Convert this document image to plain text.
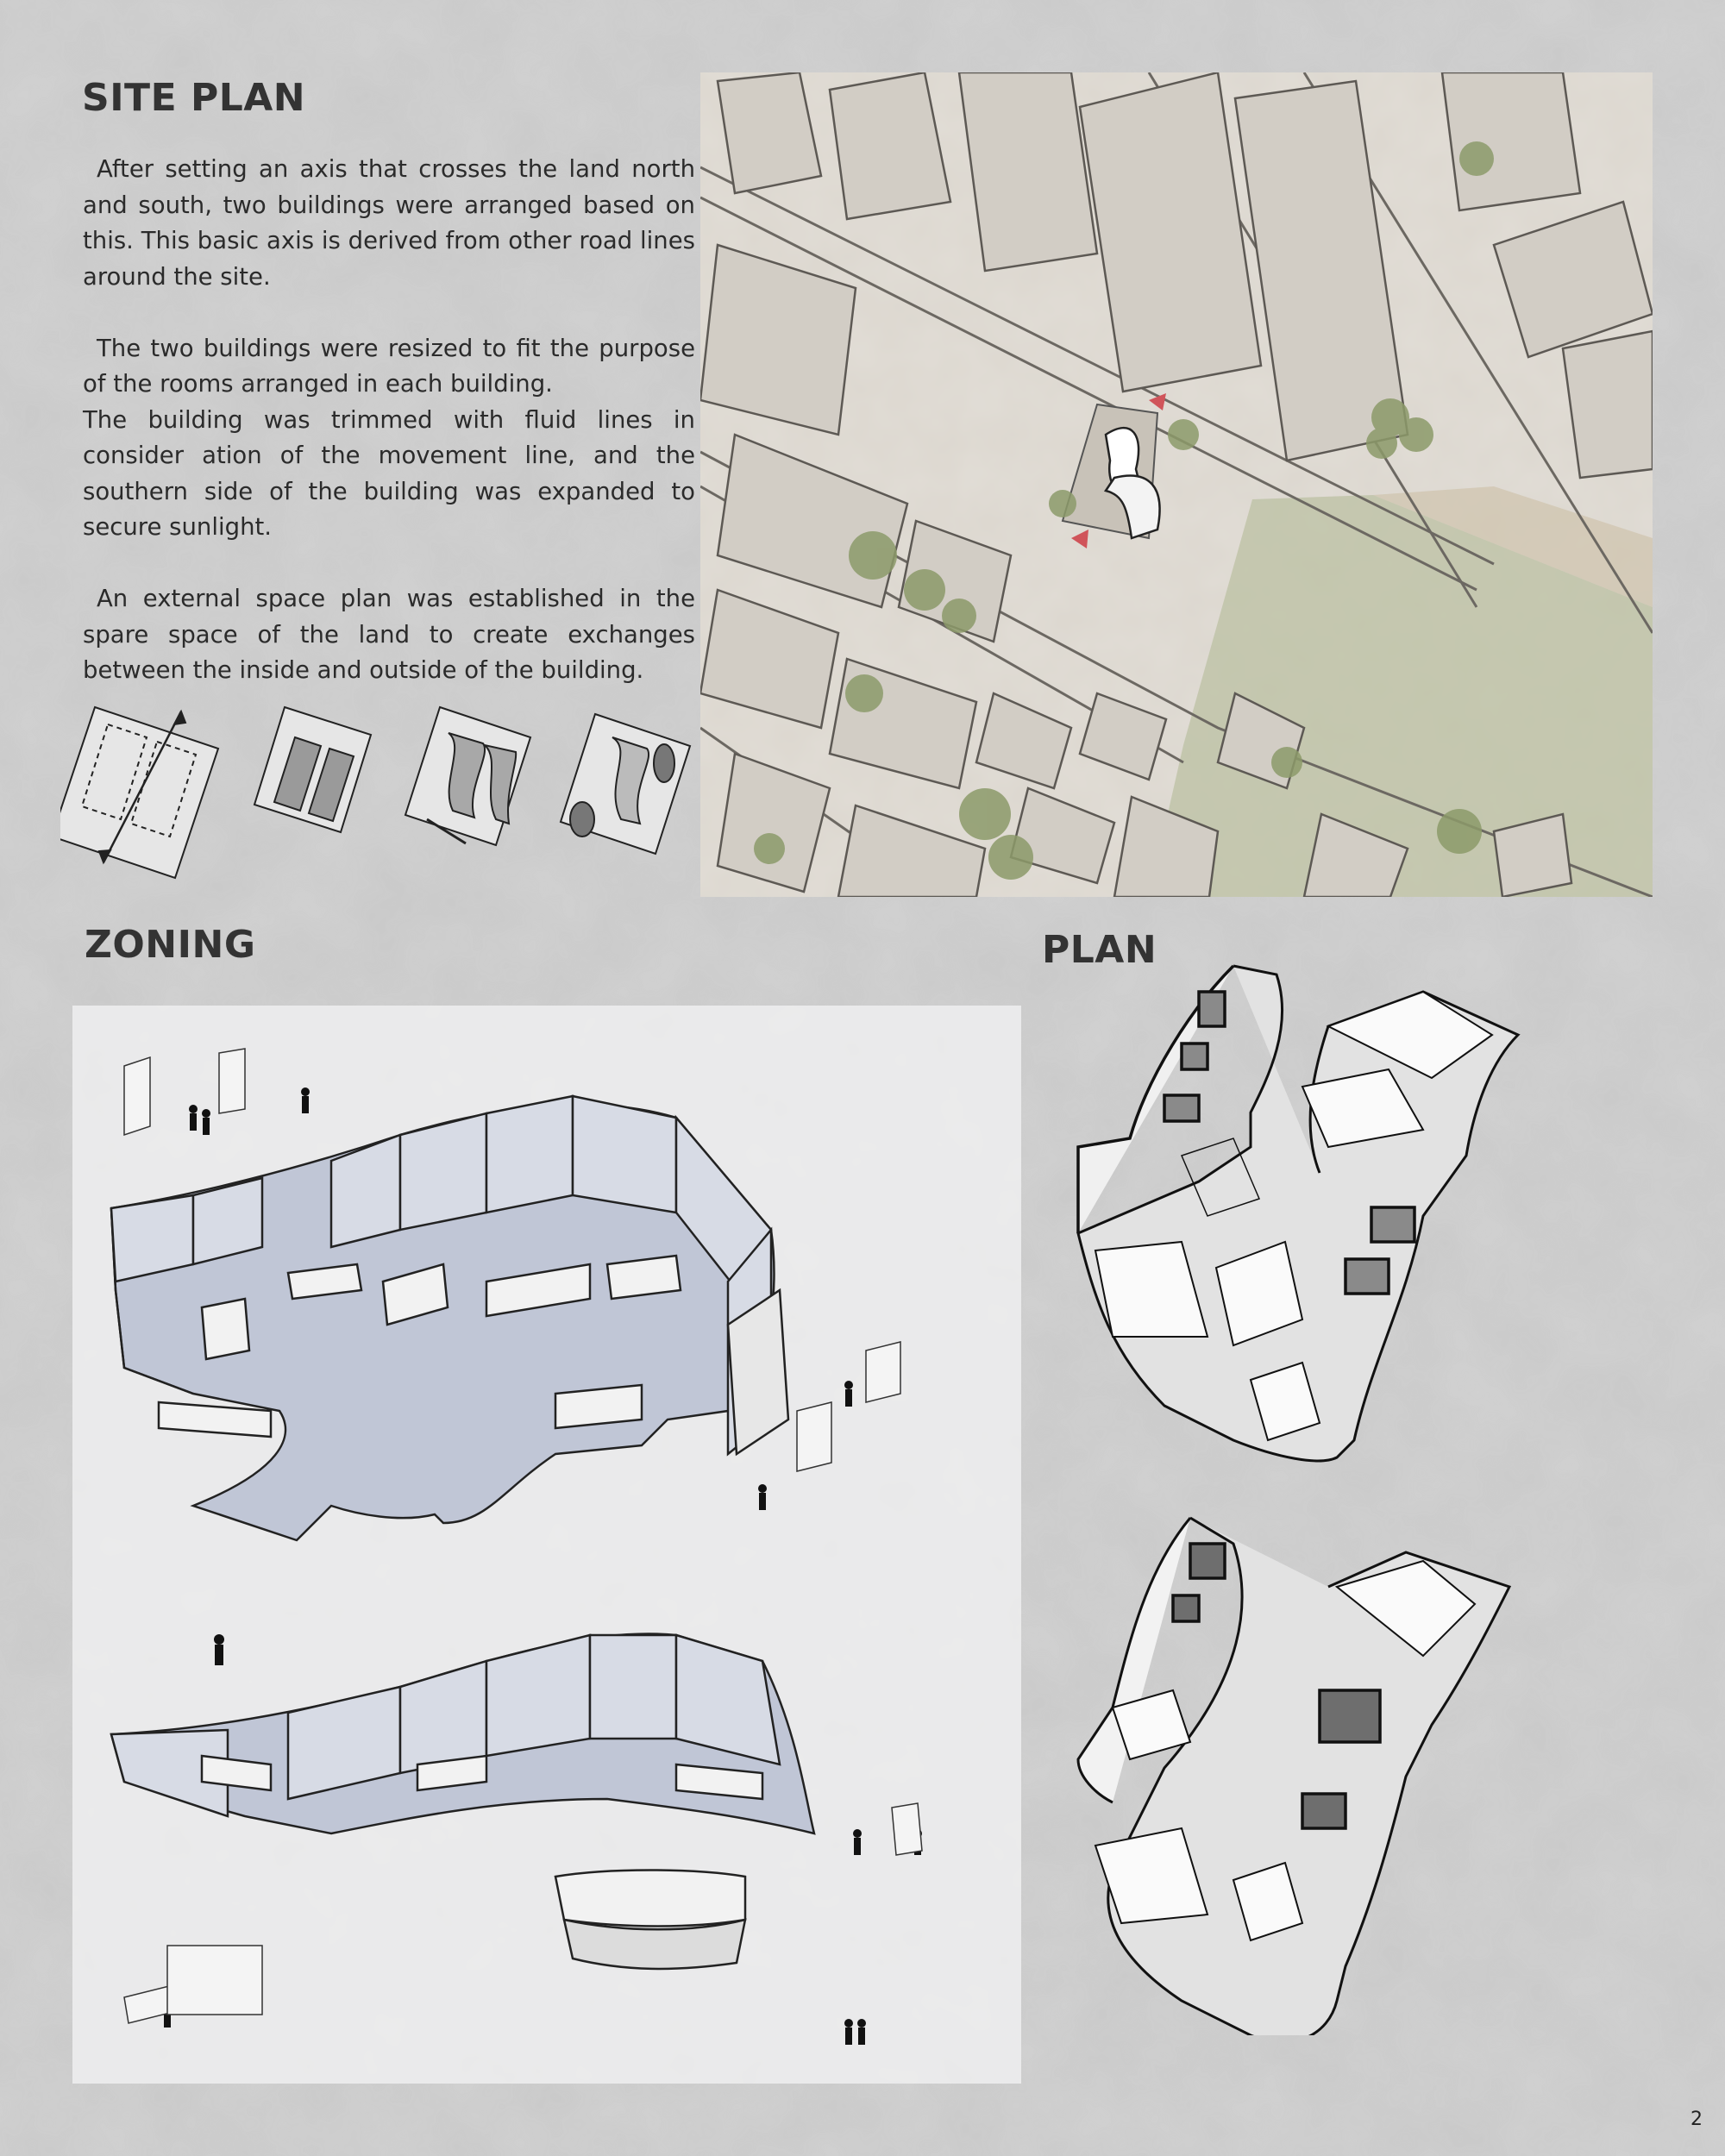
SITE PLAN

After setting an axis that crosses the land north and south, two buildings were arranged based on this. This basic axis is derived from other road lines around the site.

The two buildings were resized to fit the purpose of the rooms arranged in each building.

The building was trimmed with fluid lines in consider ation of the movement line, and the southern side of the building was expanded to secure sunlight.

An external space plan was established in the spare space of the land to create exchanges between the inside and outside of the building.

ZONING	PLAN
2
